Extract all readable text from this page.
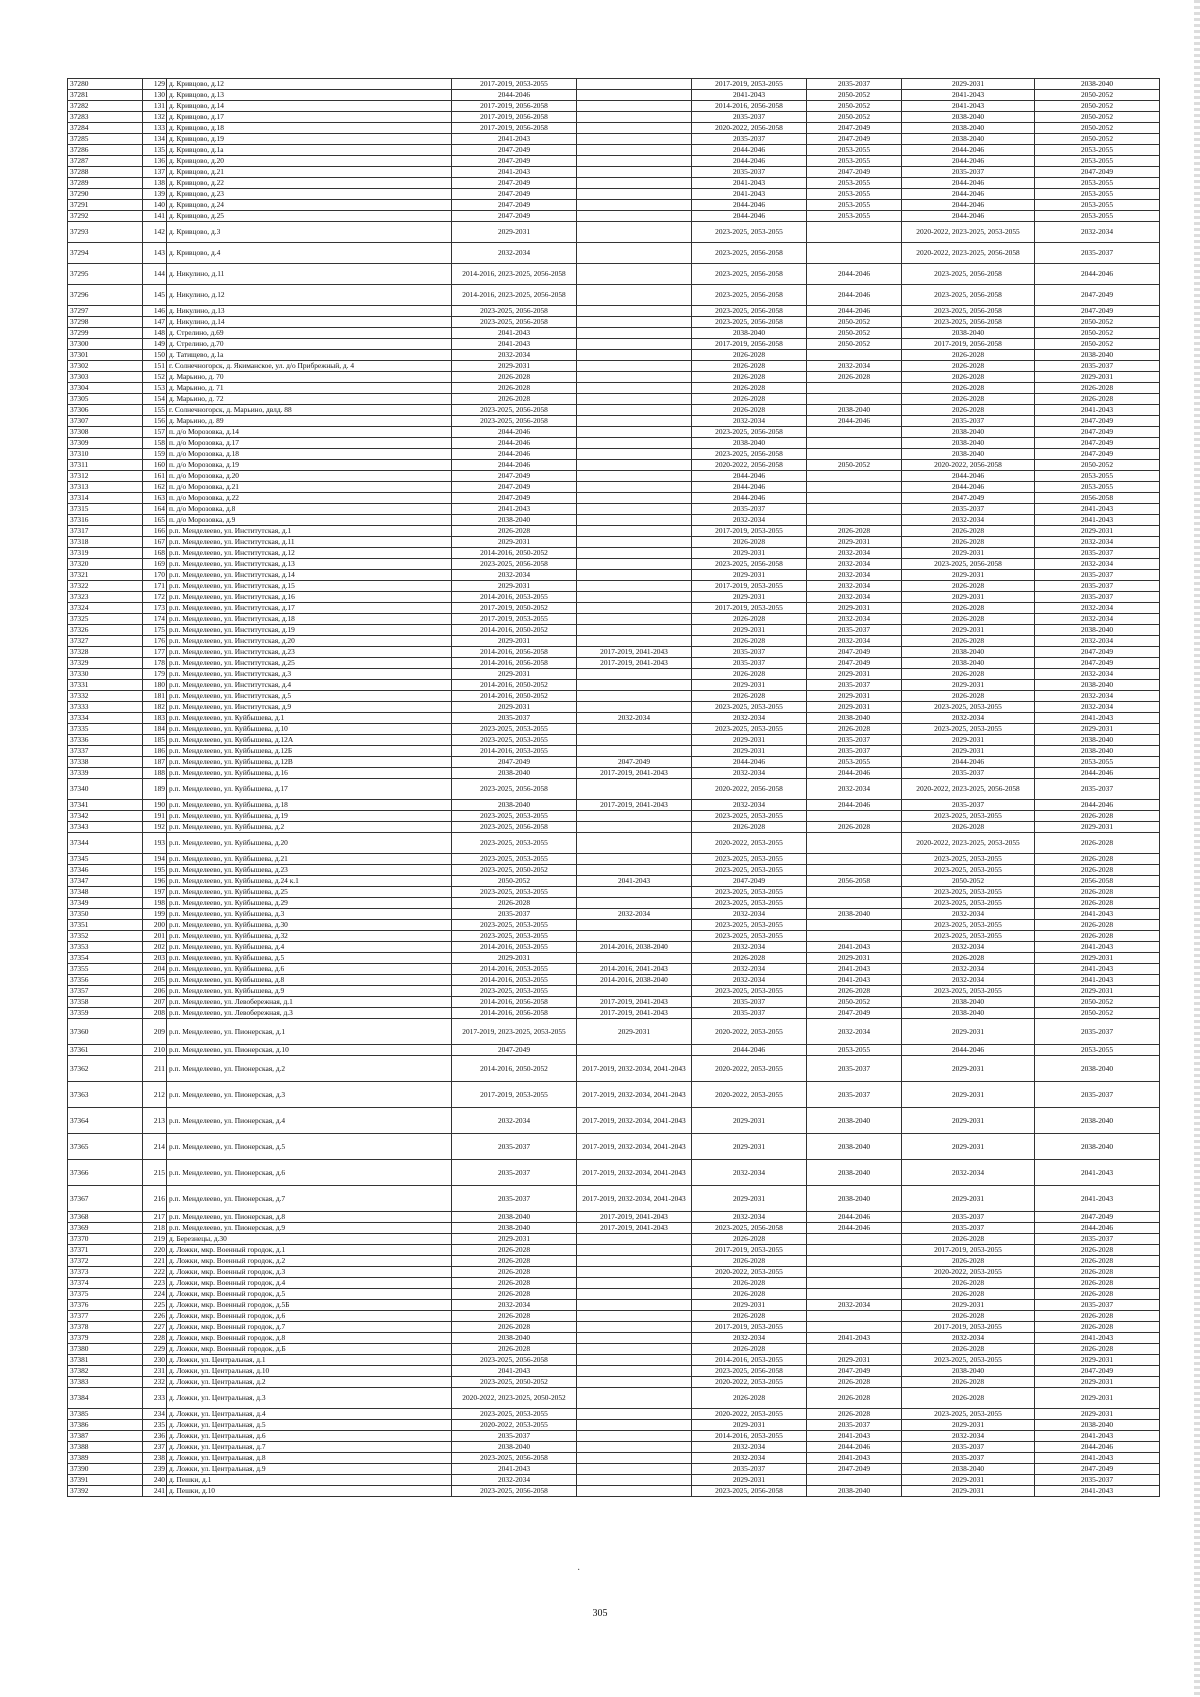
37280	129	д. Кривцово, д.12	2017-2019, 2053-2055		2017-2019, 2053-2055	2035-2037	2029-2031	2038-2040
37281	130	д. Кривцово, д.13	2044-2046		2041-2043	2050-2052	2041-2043	2050-2052
37282	131	д. Кривцово, д.14	2017-2019, 2056-2058		2014-2016, 2056-2058	2050-2052	2041-2043	2050-2052
37283	132	д. Кривцово, д.17	2017-2019, 2056-2058		2035-2037	2050-2052	2038-2040	2050-2052
37284	133	д. Кривцово, д.18	2017-2019, 2056-2058		2020-2022, 2056-2058	2047-2049	2038-2040	2050-2052
37285	134	д. Кривцово, д.19	2041-2043		2035-2037	2047-2049	2038-2040	2050-2052
37286	135	д. Кривцово, д.1а	2047-2049		2044-2046	2053-2055	2044-2046	2053-2055
37287	136	д. Кривцово, д.20	2047-2049		2044-2046	2053-2055	2044-2046	2053-2055
37288	137	д. Кривцово, д.21	2041-2043		2035-2037	2047-2049	2035-2037	2047-2049
37289	138	д. Кривцово, д.22	2047-2049		2041-2043	2053-2055	2044-2046	2053-2055
37290	139	д. Кривцово, д.23	2047-2049		2041-2043	2053-2055	2044-2046	2053-2055
37291	140	д. Кривцово, д.24	2047-2049		2044-2046	2053-2055	2044-2046	2053-2055
37292	141	д. Кривцово, д.25	2047-2049		2044-2046	2053-2055	2044-2046	2053-2055
37293	142	д. Кривцово, д.3	2029-2031		2023-2025, 2053-2055		2020-2022, 2023-2025, 2053-2055	2032-2034
37294	143	д. Кривцово, д.4	2032-2034		2023-2025, 2056-2058		2020-2022, 2023-2025, 2056-2058	2035-2037
37295	144	д. Никулино, д.11	2014-2016, 2023-2025, 2056-2058		2023-2025, 2056-2058	2044-2046	2023-2025, 2056-2058	2044-2046
37296	145	д. Никулино, д.12	2014-2016, 2023-2025, 2056-2058		2023-2025, 2056-2058	2044-2046	2023-2025, 2056-2058	2047-2049
37297	146	д. Никулино, д.13	2023-2025, 2056-2058		2023-2025, 2056-2058	2044-2046	2023-2025, 2056-2058	2047-2049
37298	147	д. Никулино, д.14	2023-2025, 2056-2058		2023-2025, 2056-2058	2050-2052	2023-2025, 2056-2058	2050-2052
37299	148	д. Стрелино, д.69	2041-2043		2038-2040	2050-2052	2038-2040	2050-2052
37300	149	д. Стрелино, д.70	2041-2043		2017-2019, 2056-2058	2050-2052	2017-2019, 2056-2058	2050-2052
37301	150	д. Татищево, д.1а	2032-2034		2026-2028		2026-2028	2038-2040
37302	151	г. Солнечногорск, д. Якиманское, ул. д/о Прибрежный, д. 4	2029-2031		2026-2028	2032-2034	2026-2028	2035-2037
37303	152	д. Марьино, д. 70	2026-2028		2026-2028	2026-2028	2026-2028	2029-2031
37304	153	д. Марьино, д. 71	2026-2028		2026-2028		2026-2028	2026-2028
37305	154	д. Марьино, д. 72	2026-2028		2026-2028		2026-2028	2026-2028
37306	155	г. Солнечногорск, д. Марьино, двлд. 88	2023-2025, 2056-2058		2026-2028	2038-2040	2026-2028	2041-2043
37307	156	д. Марьино, д. 89	2023-2025, 2056-2058		2032-2034	2044-2046	2035-2037	2047-2049
37308	157	п. д/о Морозовка, д.14	2044-2046		2023-2025, 2056-2058		2038-2040	2047-2049
37309	158	п. д/о Морозовка, д.17	2044-2046		2038-2040		2038-2040	2047-2049
37310	159	п. д/о Морозовка, д.18	2044-2046		2023-2025, 2056-2058		2038-2040	2047-2049
37311	160	п. д/о Морозовка, д.19	2044-2046		2020-2022, 2056-2058	2050-2052	2020-2022, 2056-2058	2050-2052
37312	161	п. д/о Морозовка, д.20	2047-2049		2044-2046		2044-2046	2053-2055
37313	162	п. д/о Морозовка, д.21	2047-2049		2044-2046		2044-2046	2053-2055
37314	163	п. д/о Морозовка, д.22	2047-2049		2044-2046		2047-2049	2056-2058
37315	164	п. д/о Морозовка, д.8	2041-2043		2035-2037		2035-2037	2041-2043
37316	165	п. д/о Морозовка, д.9	2038-2040		2032-2034		2032-2034	2041-2043
37317	166	р.п. Менделеево, ул. Институтская, д.1	2026-2028		2017-2019, 2053-2055	2026-2028	2026-2028	2029-2031
37318	167	р.п. Менделеево, ул. Институтская, д.11	2029-2031		2026-2028	2029-2031	2026-2028	2032-2034
37319	168	р.п. Менделеево, ул. Институтская, д.12	2014-2016, 2050-2052		2029-2031	2032-2034	2029-2031	2035-2037
37320	169	р.п. Менделеево, ул. Институтская, д.13	2023-2025, 2056-2058		2023-2025, 2056-2058	2032-2034	2023-2025, 2056-2058	2032-2034
37321	170	р.п. Менделеево, ул. Институтская, д.14	2032-2034		2029-2031	2032-2034	2029-2031	2035-2037
37322	171	р.п. Менделеево, ул. Институтская, д.15	2029-2031		2017-2019, 2053-2055	2032-2034	2026-2028	2035-2037
37323	172	р.п. Менделеево, ул. Институтская, д.16	2014-2016, 2053-2055		2029-2031	2032-2034	2029-2031	2035-2037
37324	173	р.п. Менделеево, ул. Институтская, д.17	2017-2019, 2050-2052		2017-2019, 2053-2055	2029-2031	2026-2028	2032-2034
37325	174	р.п. Менделеево, ул. Институтская, д.18	2017-2019, 2053-2055		2026-2028	2032-2034	2026-2028	2032-2034
37326	175	р.п. Менделеево, ул. Институтская, д.19	2014-2016, 2050-2052		2029-2031	2035-2037	2029-2031	2038-2040
37327	176	р.п. Менделеево, ул. Институтская, д.20	2029-2031		2026-2028	2032-2034	2026-2028	2032-2034
37328	177	р.п. Менделеево, ул. Институтская, д.23	2014-2016, 2056-2058	2017-2019, 2041-2043	2035-2037	2047-2049	2038-2040	2047-2049
37329	178	р.п. Менделеево, ул. Институтская, д.25	2014-2016, 2056-2058	2017-2019, 2041-2043	2035-2037	2047-2049	2038-2040	2047-2049
37330	179	р.п. Менделеево, ул. Институтская, д.3	2029-2031		2026-2028	2029-2031	2026-2028	2032-2034
37331	180	р.п. Менделеево, ул. Институтская, д.4	2014-2016, 2050-2052		2029-2031	2035-2037	2029-2031	2038-2040
37332	181	р.п. Менделеево, ул. Институтская, д.5	2014-2016, 2050-2052		2026-2028	2029-2031	2026-2028	2032-2034
37333	182	р.п. Менделеево, ул. Институтская, д.9	2029-2031		2023-2025, 2053-2055	2029-2031	2023-2025, 2053-2055	2032-2034
37334	183	р.п. Менделеево, ул. Куйбышева, д.1	2035-2037	2032-2034	2032-2034	2038-2040	2032-2034	2041-2043
37335	184	р.п. Менделеево, ул. Куйбышева, д.10	2023-2025, 2053-2055		2023-2025, 2053-2055	2026-2028	2023-2025, 2053-2055	2029-2031
37336	185	р.п. Менделеево, ул. Куйбышева, д.12А	2023-2025, 2053-2055		2029-2031	2035-2037	2029-2031	2038-2040
37337	186	р.п. Менделеево, ул. Куйбышева, д.12Б	2014-2016, 2053-2055		2029-2031	2035-2037	2029-2031	2038-2040
37338	187	р.п. Менделеево, ул. Куйбышева, д.12В	2047-2049	2047-2049	2044-2046	2053-2055	2044-2046	2053-2055
37339	188	р.п. Менделеево, ул. Куйбышева, д.16	2038-2040	2017-2019, 2041-2043	2032-2034	2044-2046	2035-2037	2044-2046
37340	189	р.п. Менделеево, ул. Куйбышева, д.17	2023-2025, 2056-2058		2020-2022, 2056-2058	2032-2034	2020-2022, 2023-2025, 2056-2058	2035-2037
37341	190	р.п. Менделеево, ул. Куйбышева, д.18	2038-2040	2017-2019, 2041-2043	2032-2034	2044-2046	2035-2037	2044-2046
37342	191	р.п. Менделеево, ул. Куйбышева, д.19	2023-2025, 2053-2055		2023-2025, 2053-2055		2023-2025, 2053-2055	2026-2028
37343	192	р.п. Менделеево, ул. Куйбышева, д.2	2023-2025, 2056-2058		2026-2028	2026-2028	2026-2028	2029-2031
37344	193	р.п. Менделеево, ул. Куйбышева, д.20	2023-2025, 2053-2055		2020-2022, 2053-2055		2020-2022, 2023-2025, 2053-2055	2026-2028
37345	194	р.п. Менделеево, ул. Куйбышева, д.21	2023-2025, 2053-2055		2023-2025, 2053-2055		2023-2025, 2053-2055	2026-2028
37346	195	р.п. Менделеево, ул. Куйбышева, д.23	2023-2025, 2050-2052		2023-2025, 2053-2055		2023-2025, 2053-2055	2026-2028
37347	196	р.п. Менделеево, ул. Куйбышева, д.24 к.1	2050-2052	2041-2043	2047-2049	2056-2058	2050-2052	2056-2058
37348	197	р.п. Менделеево, ул. Куйбышева, д.25	2023-2025, 2053-2055		2023-2025, 2053-2055		2023-2025, 2053-2055	2026-2028
37349	198	р.п. Менделеево, ул. Куйбышева, д.29	2026-2028		2023-2025, 2053-2055		2023-2025, 2053-2055	2026-2028
37350	199	р.п. Менделеево, ул. Куйбышева, д.3	2035-2037	2032-2034	2032-2034	2038-2040	2032-2034	2041-2043
37351	200	р.п. Менделеево, ул. Куйбышева, д.30	2023-2025, 2053-2055		2023-2025, 2053-2055		2023-2025, 2053-2055	2026-2028
37352	201	р.п. Менделеево, ул. Куйбышева, д.32	2023-2025, 2053-2055		2023-2025, 2053-2055		2023-2025, 2053-2055	2026-2028
37353	202	р.п. Менделеево, ул. Куйбышева, д.4	2014-2016, 2053-2055	2014-2016, 2038-2040	2032-2034	2041-2043	2032-2034	2041-2043
37354	203	р.п. Менделеево, ул. Куйбышева, д.5	2029-2031		2026-2028	2029-2031	2026-2028	2029-2031
37355	204	р.п. Менделеево, ул. Куйбышева, д.6	2014-2016, 2053-2055	2014-2016, 2041-2043	2032-2034	2041-2043	2032-2034	2041-2043
37356	205	р.п. Менделеево, ул. Куйбышева, д.8	2014-2016, 2053-2055	2014-2016, 2038-2040	2032-2034	2041-2043	2032-2034	2041-2043
37357	206	р.п. Менделеево, ул. Куйбышева, д.9	2023-2025, 2053-2055		2023-2025, 2053-2055	2026-2028	2023-2025, 2053-2055	2029-2031
37358	207	р.п. Менделеево, ул. Левобережная, д.1	2014-2016, 2056-2058	2017-2019, 2041-2043	2035-2037	2050-2052	2038-2040	2050-2052
37359	208	р.п. Менделеево, ул. Левобережная, д.3	2014-2016, 2056-2058	2017-2019, 2041-2043	2035-2037	2047-2049	2038-2040	2050-2052
37360	209	р.п. Менделеево, ул. Пионерская, д.1	2017-2019, 2023-2025, 2053-2055	2029-2031	2020-2022, 2053-2055	2032-2034	2029-2031	2035-2037
37361	210	р.п. Менделеево, ул. Пионерская, д.10	2047-2049		2044-2046	2053-2055	2044-2046	2053-2055
37362	211	р.п. Менделеево, ул. Пионерская, д.2	2014-2016, 2050-2052	2017-2019, 2032-2034, 2041-2043	2020-2022, 2053-2055	2035-2037	2029-2031	2038-2040
37363	212	р.п. Менделеево, ул. Пионерская, д.3	2017-2019, 2053-2055	2017-2019, 2032-2034, 2041-2043	2020-2022, 2053-2055	2035-2037	2029-2031	2035-2037
37364	213	р.п. Менделеево, ул. Пионерская, д.4	2032-2034	2017-2019, 2032-2034, 2041-2043	2029-2031	2038-2040	2029-2031	2038-2040
37365	214	р.п. Менделеево, ул. Пионерская, д.5	2035-2037	2017-2019, 2032-2034, 2041-2043	2029-2031	2038-2040	2029-2031	2038-2040
37366	215	р.п. Менделеево, ул. Пионерская, д.6	2035-2037	2017-2019, 2032-2034, 2041-2043	2032-2034	2038-2040	2032-2034	2041-2043
37367	216	р.п. Менделеево, ул. Пионерская, д.7	2035-2037	2017-2019, 2032-2034, 2041-2043	2029-2031	2038-2040	2029-2031	2041-2043
37368	217	р.п. Менделеево, ул. Пионерская, д.8	2038-2040	2017-2019, 2041-2043	2032-2034	2044-2046	2035-2037	2047-2049
37369	218	р.п. Менделеево, ул. Пионерская, д.9	2038-2040	2017-2019, 2041-2043	2023-2025, 2056-2058	2044-2046	2035-2037	2044-2046
37370	219	д. Березнецы, д.30	2029-2031		2026-2028		2026-2028	2035-2037
37371	220	д. Ложки, мкр. Военный городок, д.1	2026-2028		2017-2019, 2053-2055		2017-2019, 2053-2055	2026-2028
37372	221	д. Ложки, мкр. Военный городок, д.2	2026-2028		2026-2028		2026-2028	2026-2028
37373	222	д. Ложки, мкр. Военный городок, д.3	2026-2028		2020-2022, 2053-2055		2020-2022, 2053-2055	2026-2028
37374	223	д. Ложки, мкр. Военный городок, д.4	2026-2028		2026-2028		2026-2028	2026-2028
37375	224	д. Ложки, мкр. Военный городок, д.5	2026-2028		2026-2028		2026-2028	2026-2028
37376	225	д. Ложки, мкр. Военный городок, д.5Б	2032-2034		2029-2031	2032-2034	2029-2031	2035-2037
37377	226	д. Ложки, мкр. Военный городок, д.6	2026-2028		2026-2028		2026-2028	2026-2028
37378	227	д. Ложки, мкр. Военный городок, д.7	2026-2028		2017-2019, 2053-2055		2017-2019, 2053-2055	2026-2028
37379	228	д. Ложки, мкр. Военный городок, д.8	2038-2040		2032-2034	2041-2043	2032-2034	2041-2043
37380	229	д. Ложки, мкр. Военный городок, д.Б	2026-2028		2026-2028		2026-2028	2026-2028
37381	230	д. Ложки, ул. Центральная, д.1	2023-2025, 2056-2058		2014-2016, 2053-2055	2029-2031	2023-2025, 2053-2055	2029-2031
37382	231	д. Ложки, ул. Центральная, д.10	2041-2043		2023-2025, 2056-2058	2047-2049	2038-2040	2047-2049
37383	232	д. Ложки, ул. Центральная, д.2	2023-2025, 2050-2052		2020-2022, 2053-2055	2026-2028	2026-2028	2029-2031
37384	233	д. Ложки, ул. Центральная, д.3	2020-2022, 2023-2025, 2050-2052		2026-2028	2026-2028	2026-2028	2029-2031
37385	234	д. Ложки, ул. Центральная, д.4	2023-2025, 2053-2055		2020-2022, 2053-2055	2026-2028	2023-2025, 2053-2055	2029-2031
37386	235	д. Ложки, ул. Центральная, д.5	2020-2022, 2053-2055		2029-2031	2035-2037	2029-2031	2038-2040
37387	236	д. Ложки, ул. Центральная, д.6	2035-2037		2014-2016, 2053-2055	2041-2043	2032-2034	2041-2043
37388	237	д. Ложки, ул. Центральная, д.7	2038-2040		2032-2034	2044-2046	2035-2037	2044-2046
37389	238	д. Ложки, ул. Центральная, д.8	2023-2025, 2056-2058		2032-2034	2041-2043	2035-2037	2041-2043
37390	239	д. Ложки, ул. Центральная, д.9	2041-2043		2035-2037	2047-2049	2038-2040	2047-2049
37391	240	д. Пешки, д.1	2032-2034		2029-2031		2029-2031	2035-2037
37392	241	д. Пешки, д.10	2023-2025, 2056-2058		2023-2025, 2056-2058	2038-2040	2029-2031	2041-2043
·
305
